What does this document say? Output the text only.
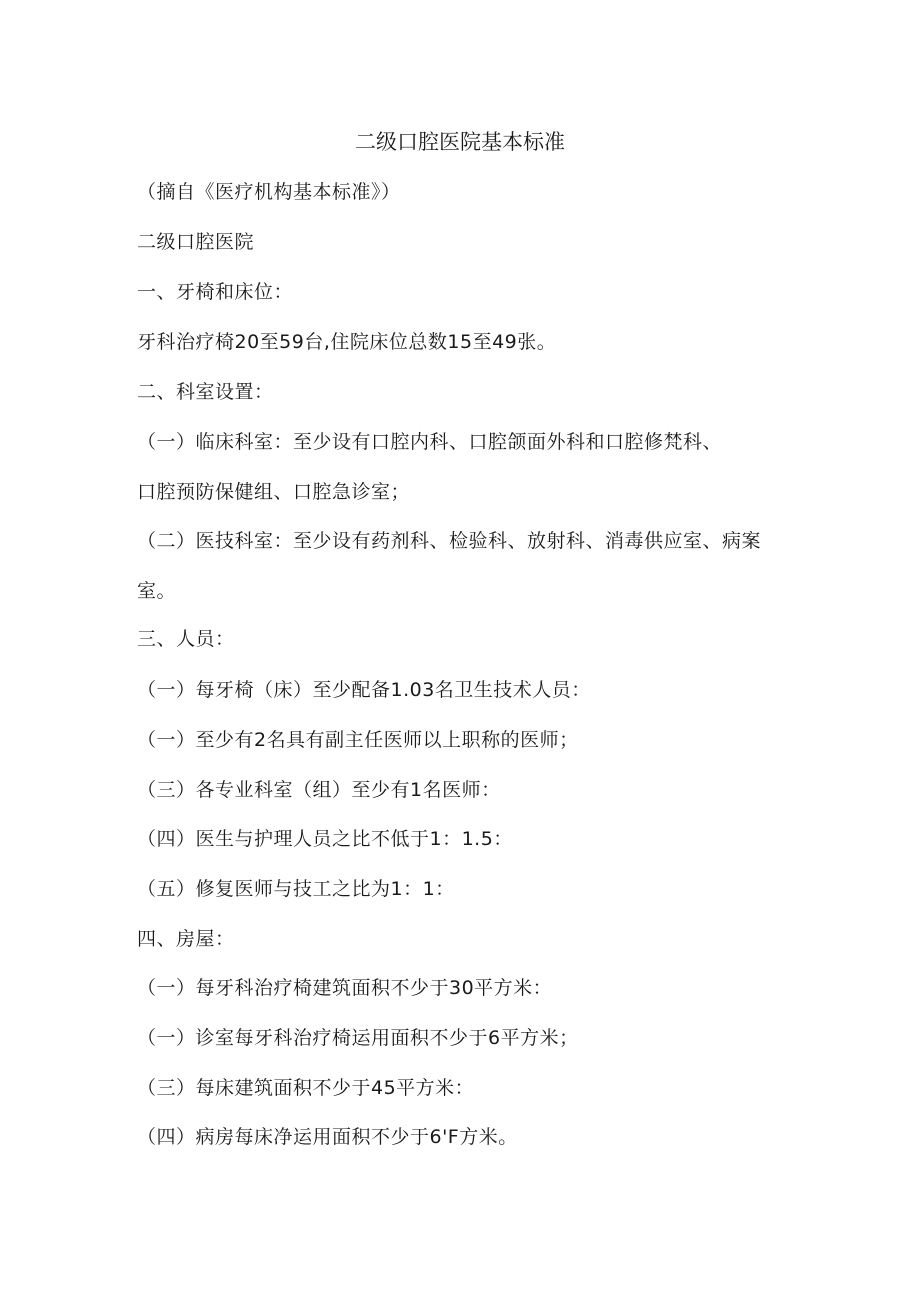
二级口腔医院基本标准
（摘自《医疗机构基本标准》）
二级口腔医院
一、牙椅和床位：
牙科治疗椅20至59台,住院床位总数15至49张。
二、科室设置：
（一）临床科室：至少设有口腔内科、口腔颌面外科和口腔修梵科、
口腔预防保健组、口腔急诊室；
（二）医技科室：至少设有药剂科、检验科、放射科、消毒供应室、病案
室。
三、人员：
（一）每牙椅（床）至少配备1.03名卫生技术人员：
（一）至少有2名具有副主任医师以上职称的医师；
（三）各专业科室（组）至少有1名医师：
（四）医生与护理人员之比不低于1：1.5：
（五）修复医师与技工之比为1：1：
四、房屋：
（一）每牙科治疗椅建筑面积不少于30平方米：
（一）诊室每牙科治疗椅运用面积不少于6平方米；
（三）每床建筑面积不少于45平方米：
（四）病房每床净运用面积不少于6'F方米。
